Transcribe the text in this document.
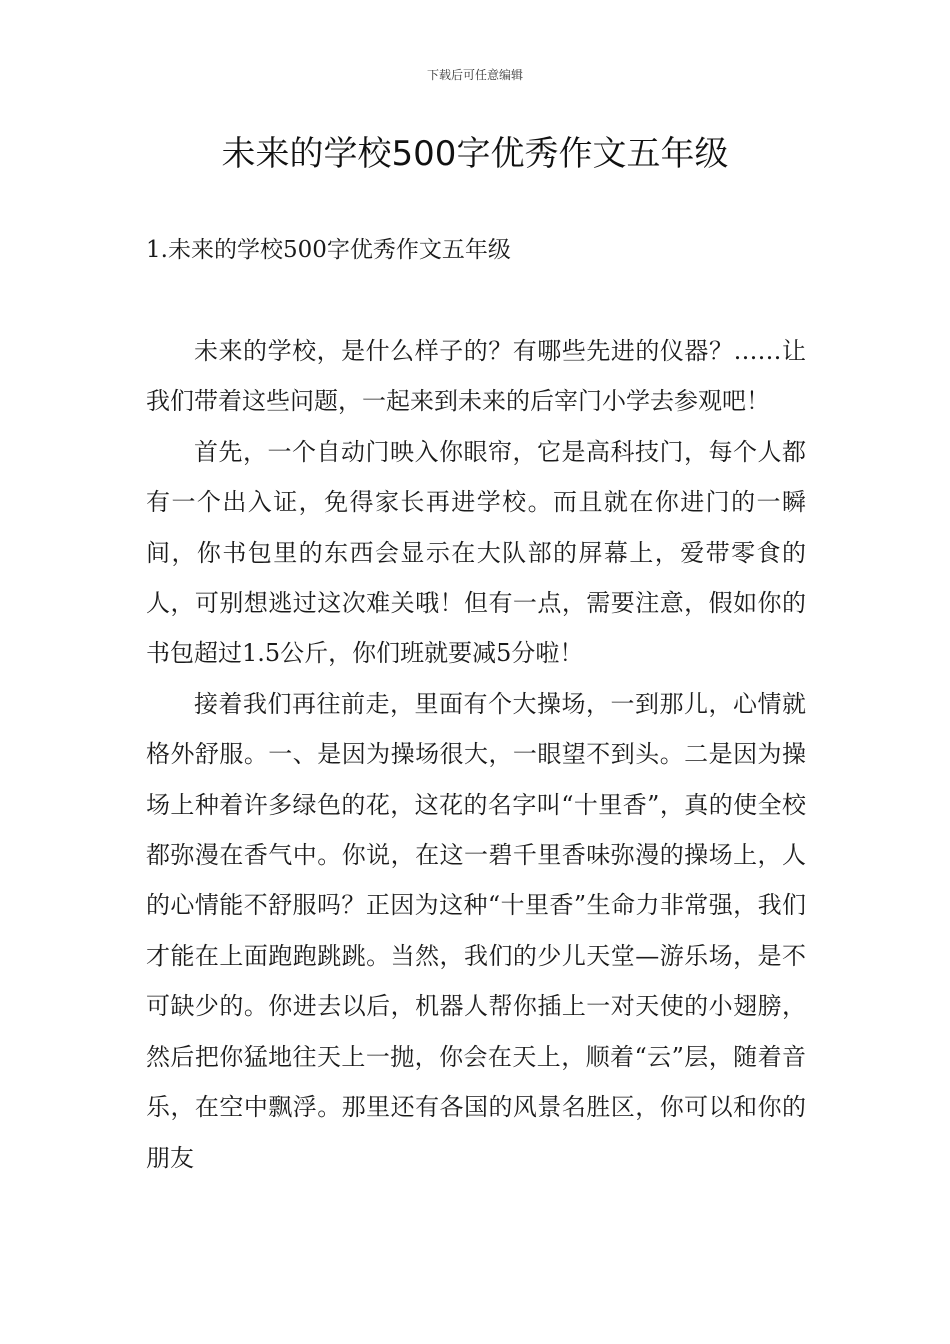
下载后可任意编辑
未来的学校500字优秀作文五年级
1.未来的学校500字优秀作文五年级

未来的学校，是什么样子的？有哪些先进的仪器？……让我们带着这些问题，一起来到未来的后宰门小学去参观吧！

首先，一个自动门映入你眼帘，它是高科技门，每个人都有一个出入证，免得家长再进学校。而且就在你进门的一瞬间，你书包里的东西会显示在大队部的屏幕上，爱带零食的人，可别想逃过这次难关哦！但有一点，需要注意，假如你的书包超过1.5公斤，你们班就要减5分啦！

接着我们再往前走，里面有个大操场，一到那儿，心情就格外舒服。一、是因为操场很大，一眼望不到头。二是因为操场上种着许多绿色的花，这花的名字叫“十里香”，真的使全校都弥漫在香气中。你说，在这一碧千里香味弥漫的操场上，人的心情能不舒服吗？正因为这种“十里香”生命力非常强，我们才能在上面跑跑跳跳。当然，我们的少儿天堂—游乐场，是不可缺少的。你进去以后，机器人帮你插上一对天使的小翅膀，然后把你猛地往天上一抛，你会在天上，顺着“云”层，随着音乐，在空中飘浮。那里还有各国的风景名胜区，你可以和你的朋友
